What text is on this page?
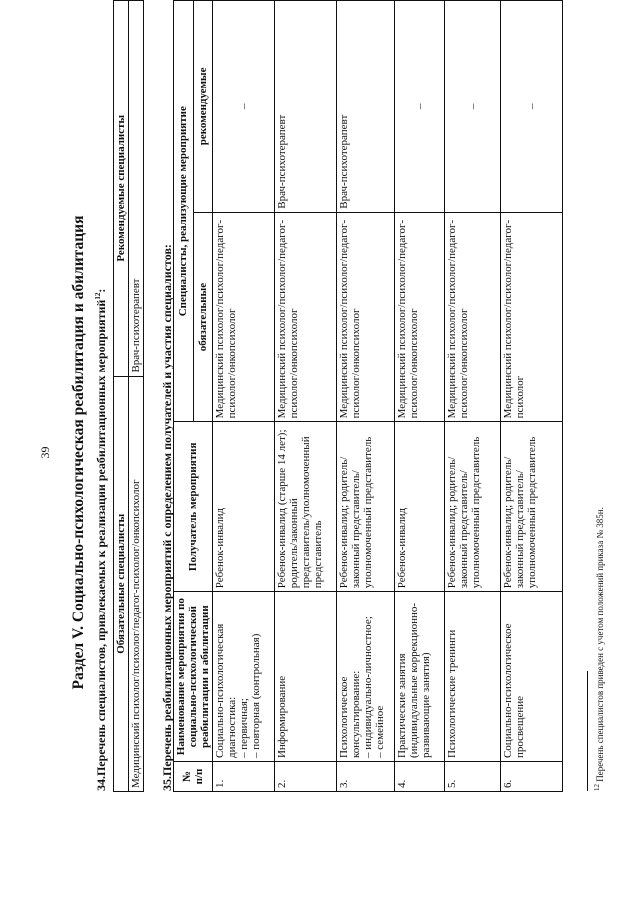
39 Раздел V. Социально-психологическая реабилитация и абилитация 34.Перечень специалистов, привлекаемых к реализации реабилитационных мероприятий$^{12}$:
Обязательные специалисты	Рекомендуемые специалисты
Медицинский психолог/психолог/педагог-психолог/онкопсихолог	Врач-психотерапевт 35.Перечень реабилитационных мероприятий с определением получателей и участия специалистов: № п/п	Наименование мероприятия по социально-психологической реабилитации и абилитации	Получатель мероприятия	Специалисты, реализующие мероприятие	
			обязательные	рекомендуемые
1.	Социально-психологическая диагностика: – первичная; – повторная (контрольная)	Ребенок-инвалид	Медицинский психолог/психолог/педагог-психолог/онкопсихолог	–
2.	Информирование	Ребенок-инвалид (старше 14 лет); родитель/законный представитель/уполномоченный представитель	Медицинский психолог/психолог/педагог-психолог/онкопсихолог	Врач-психотерапевт
3.	Психологическое консультирование: – индивидуально-личностное; – семейное	Ребенок-инвалид; родитель/законный представитель/уполномоченный представитель	Медицинский психолог/психолог/педагог-психолог/онкопсихолог	Врач-психотерапевт
4.	Практические занятия (индивидуальные коррекционно-развивающие занятия)	Ребенок-инвалид	Медицинский психолог/психолог/педагог-психолог/онкопсихолог	–
5.	Психологические тренинги	Ребенок-инвалид; родитель/законный представитель/уполномоченный представитель	Медицинский психолог/психолог/педагог-психолог/онкопсихолог	–
6.	Социально-психологическое просвещение	Ребенок-инвалид; родитель/законный представитель/уполномоченный представитель	Медицинский психолог/психолог/педагог-психолог	–
$^{12}$ Перечень специалистов приведен с учетом положений приказа № 385н.
